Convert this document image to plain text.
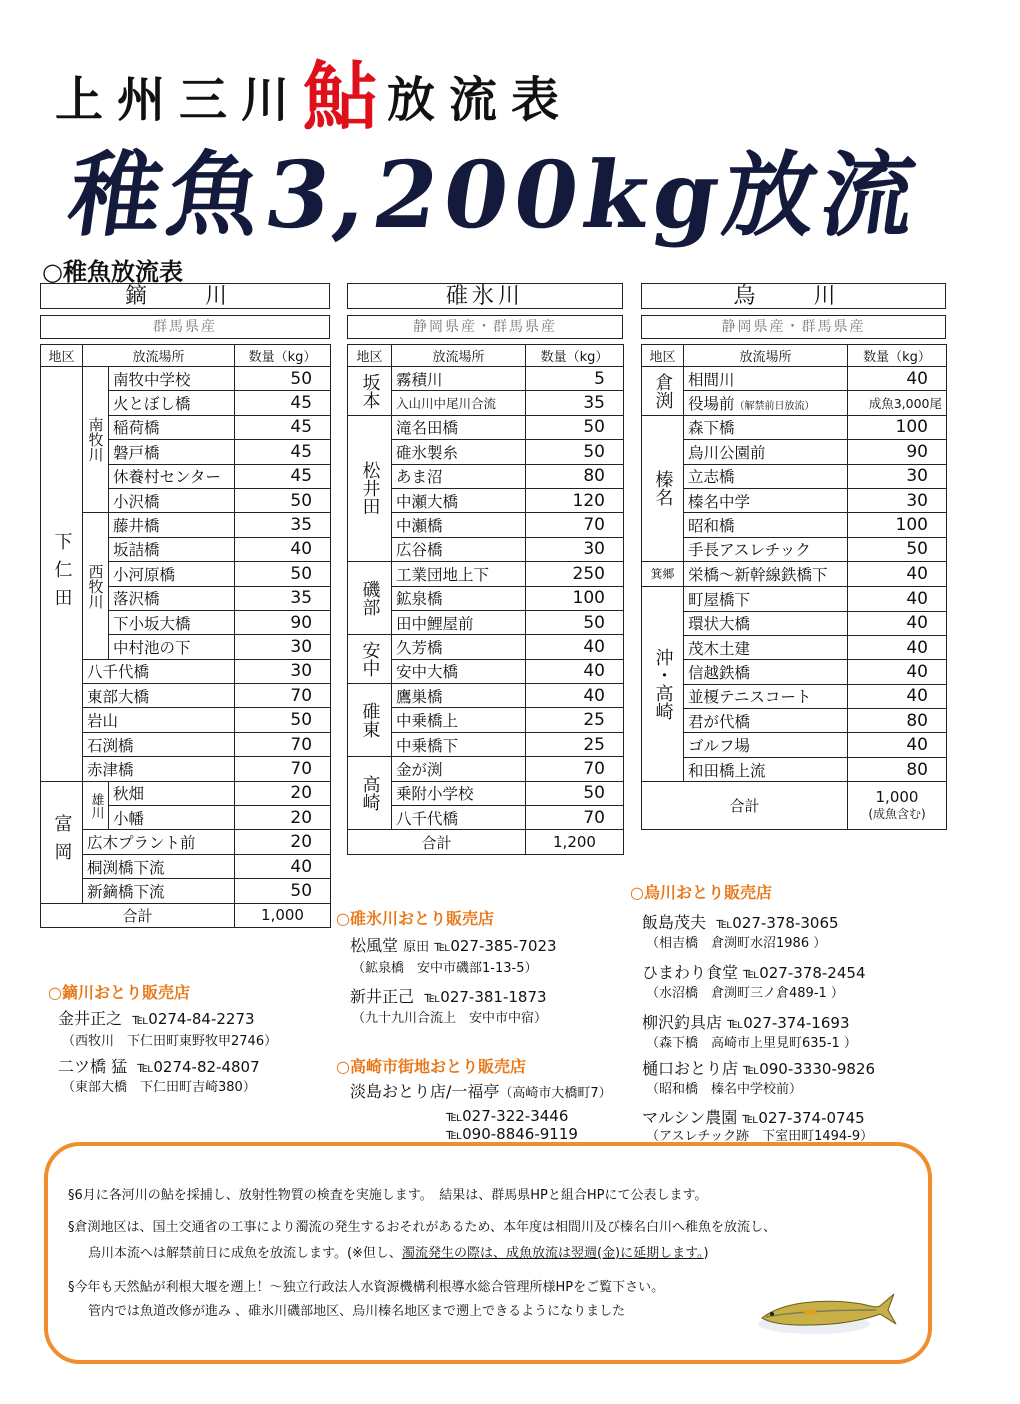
上州三川鮎放流表
稚魚3,200kg放流
○稚魚放流表
鏑　川
群馬県産
碓氷川
静岡県産・群馬県産
烏　川
静岡県産・群馬県産
地区	放流場所		数量（kg）
下仁田	南牧川	南牧中学校	50
		火とぼし橋	45
		稲荷橋	45
		磐戸橋	45
		休養村センター	45
		小沢橋	50
	西牧川	藤井橋	35
		坂詰橋	40
		小河原橋	50
		落沢橋	35
		下小坂大橋	90
		中村池の下	30
	八千代橋		30
	東部大橋		70
	岩山		50
	石渕橋		70
	赤津橋		70
富岡	雄川	秋畑	20
		小幡	20
	広木プラント前		20
	桐渕橋下流		40
	新鏑橋下流		50
合計			1,000
地区	放流場所	数量（kg）
坂本	霧積川	5
	入山川中尾川合流	35
松井田	滝名田橋	50
	碓氷製糸	50
	あま沼	80
	中瀬大橋	120
	中瀬橋	70
	広谷橋	30
磯部	工業団地上下	250
	鉱泉橋	100
	田中鯉屋前	50
安中	久芳橋	40
	安中大橋	40
碓東	鷹巣橋	40
	中乗橋上	25
	中乗橋下	25
高崎	金が渕	70
	乗附小学校	50
	八千代橋	70
合計		1,200
地区	放流場所	数量（kg）
倉渕	相間川	40
	役場前（解禁前日放流）	成魚3,000尾
榛名	森下橋	100
	烏川公園前	90
	立志橋	30
	榛名中学	30
	昭和橋	100
	手長アスレチック	50
箕郷	栄橋～新幹線鉄橋下	40
沖・高崎	町屋橋下	40
	環状大橋	40
	茂木土建	40
	信越鉄橋	40
	並榎テニスコート	40
	君が代橋	80
	ゴルフ場	40
	和田橋上流	80
合計		1,000
(成魚含む)
○鏑川おとり販売店
金井正之 ℡0274-84-2273
（西牧川　下仁田町東野牧甲2746）
二ツ橋 猛 ℡0274-82-4807
（東部大橋　下仁田町吉崎380）
○碓氷川おとり販売店
松風堂 原田 ℡027-385-7023
（鉱泉橋　安中市磯部1-13-5）
新井正己 ℡027-381-1873
（九十九川合流上　安中市中宿）
○高崎市街地おとり販売店
淡島おとり店/一福亭（高崎市大橋町7）
℡027-322-3446
℡090-8846-9119
○烏川おとり販売店
飯島茂夫 ℡027-378-3065
（相吉橋　倉渕町水沼1986 ）
ひまわり食堂 ℡027-378-2454
（水沼橋　倉渕町三ノ倉489-1 ）
柳沢釣具店 ℡027-374-1693
（森下橋　高崎市上里見町635-1 ）
樋口おとり店 ℡090-3330-9826
（昭和橋　榛名中学校前）
マルシン農園 ℡027-374-0745
（アスレチック跡　下室田町1494-9）
§6月に各河川の鮎を採捕し、放射性物質の検査を実施します。　結果は、群馬県HPと組合HPにて公表します。
§倉渕地区は、国土交通省の工事により濁流の発生するおそれがあるため、本年度は相間川及び榛名白川へ稚魚を放流し、
烏川本流へは解禁前日に成魚を放流します。(※但し、濁流発生の際は、成魚放流は翌週(金)に延期します。)
§今年も天然鮎が利根大堰を遡上！～独立行政法人水資源機構利根導水総合管理所様HPをご覧下さい。
管内では魚道改修が進み 、碓氷川磯部地区、烏川榛名地区まで遡上できるようになりました
